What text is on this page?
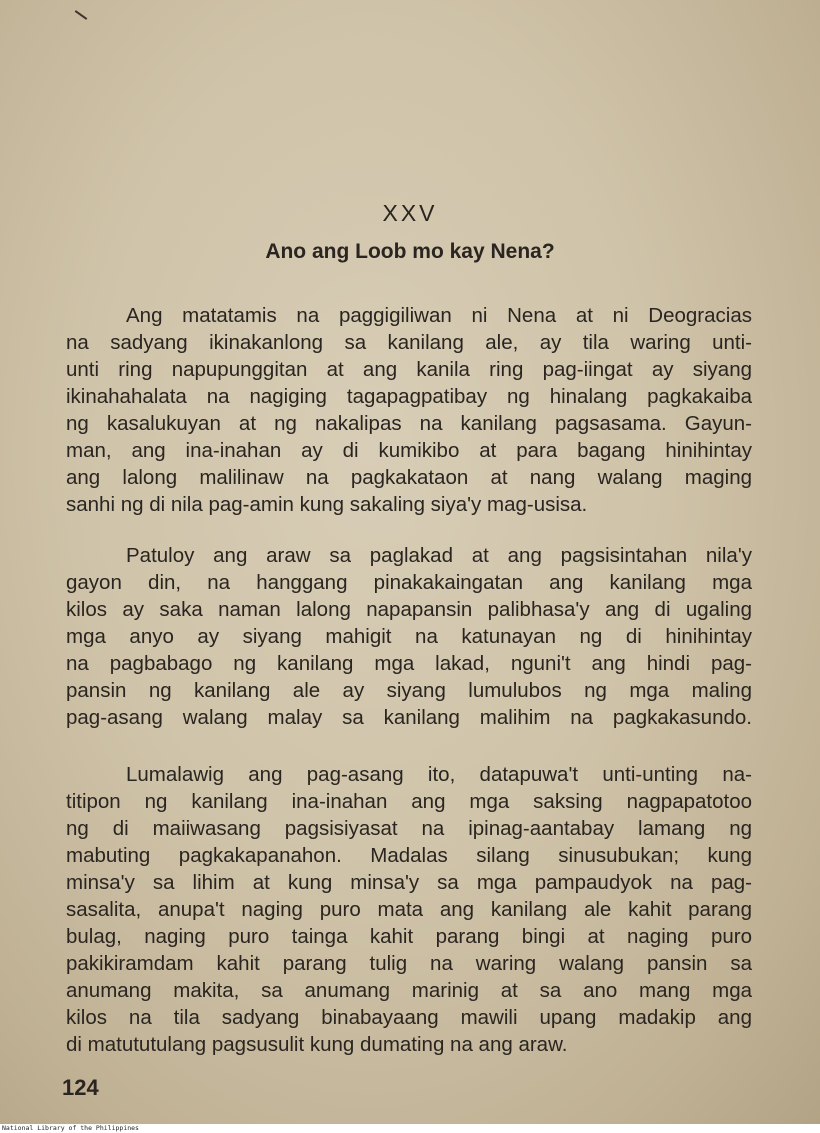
XXV
Ano ang Loob mo kay Nena?
Ang matatamis na paggigiliwan ni Nena at ni Deogracias
na sadyang ikinakanlong sa kanilang ale, ay tila waring unti-
unti ring napupunggitan at ang kanila ring pag-iingat ay siyang
ikinahahalata na nagiging tagapagpatibay ng hinalang pagkakaiba
ng kasalukuyan at ng nakalipas na kanilang pagsasama. Gayun-
man, ang ina-inahan ay di kumikibo at para bagang hinihintay
ang lalong malilinaw na pagkakataon at nang walang maging
sanhi ng di nila pag-amin kung sakaling siya'y mag-usisa.
Patuloy ang araw sa paglakad at ang pagsisintahan nila'y
gayon din, na hanggang pinakakaingatan ang kanilang mga
kilos ay saka naman lalong napapansin palibhasa'y ang di ugaling
mga anyo ay siyang mahigit na katunayan ng di hinihintay
na pagbabago ng kanilang mga lakad, nguni't ang hindi pag-
pansin ng kanilang ale ay siyang lumulubos ng mga maling
pag-asang walang malay sa kanilang malihim na pagkakasundo.
Lumalawig ang pag-asang ito, datapuwa't unti-unting na-
titipon ng kanilang ina-inahan ang mga saksing nagpapatotoo
ng di maiiwasang pagsisiyasat na ipinag-aantabay lamang ng
mabuting pagkakapanahon. Madalas silang sinusubukan; kung
minsa'y sa lihim at kung minsa'y sa mga pampaudyok na pag-
sasalita, anupa't naging puro mata ang kanilang ale kahit parang
bulag, naging puro tainga kahit parang bingi at naging puro
pakikiramdam kahit parang tulig na waring walang pansin sa
anumang makita, sa anumang marinig at sa ano mang mga
kilos na tila sadyang binabayaang mawili upang madakip ang
di matututulang pagsusulit kung dumating na ang araw.
124
National Library of the Philippines
